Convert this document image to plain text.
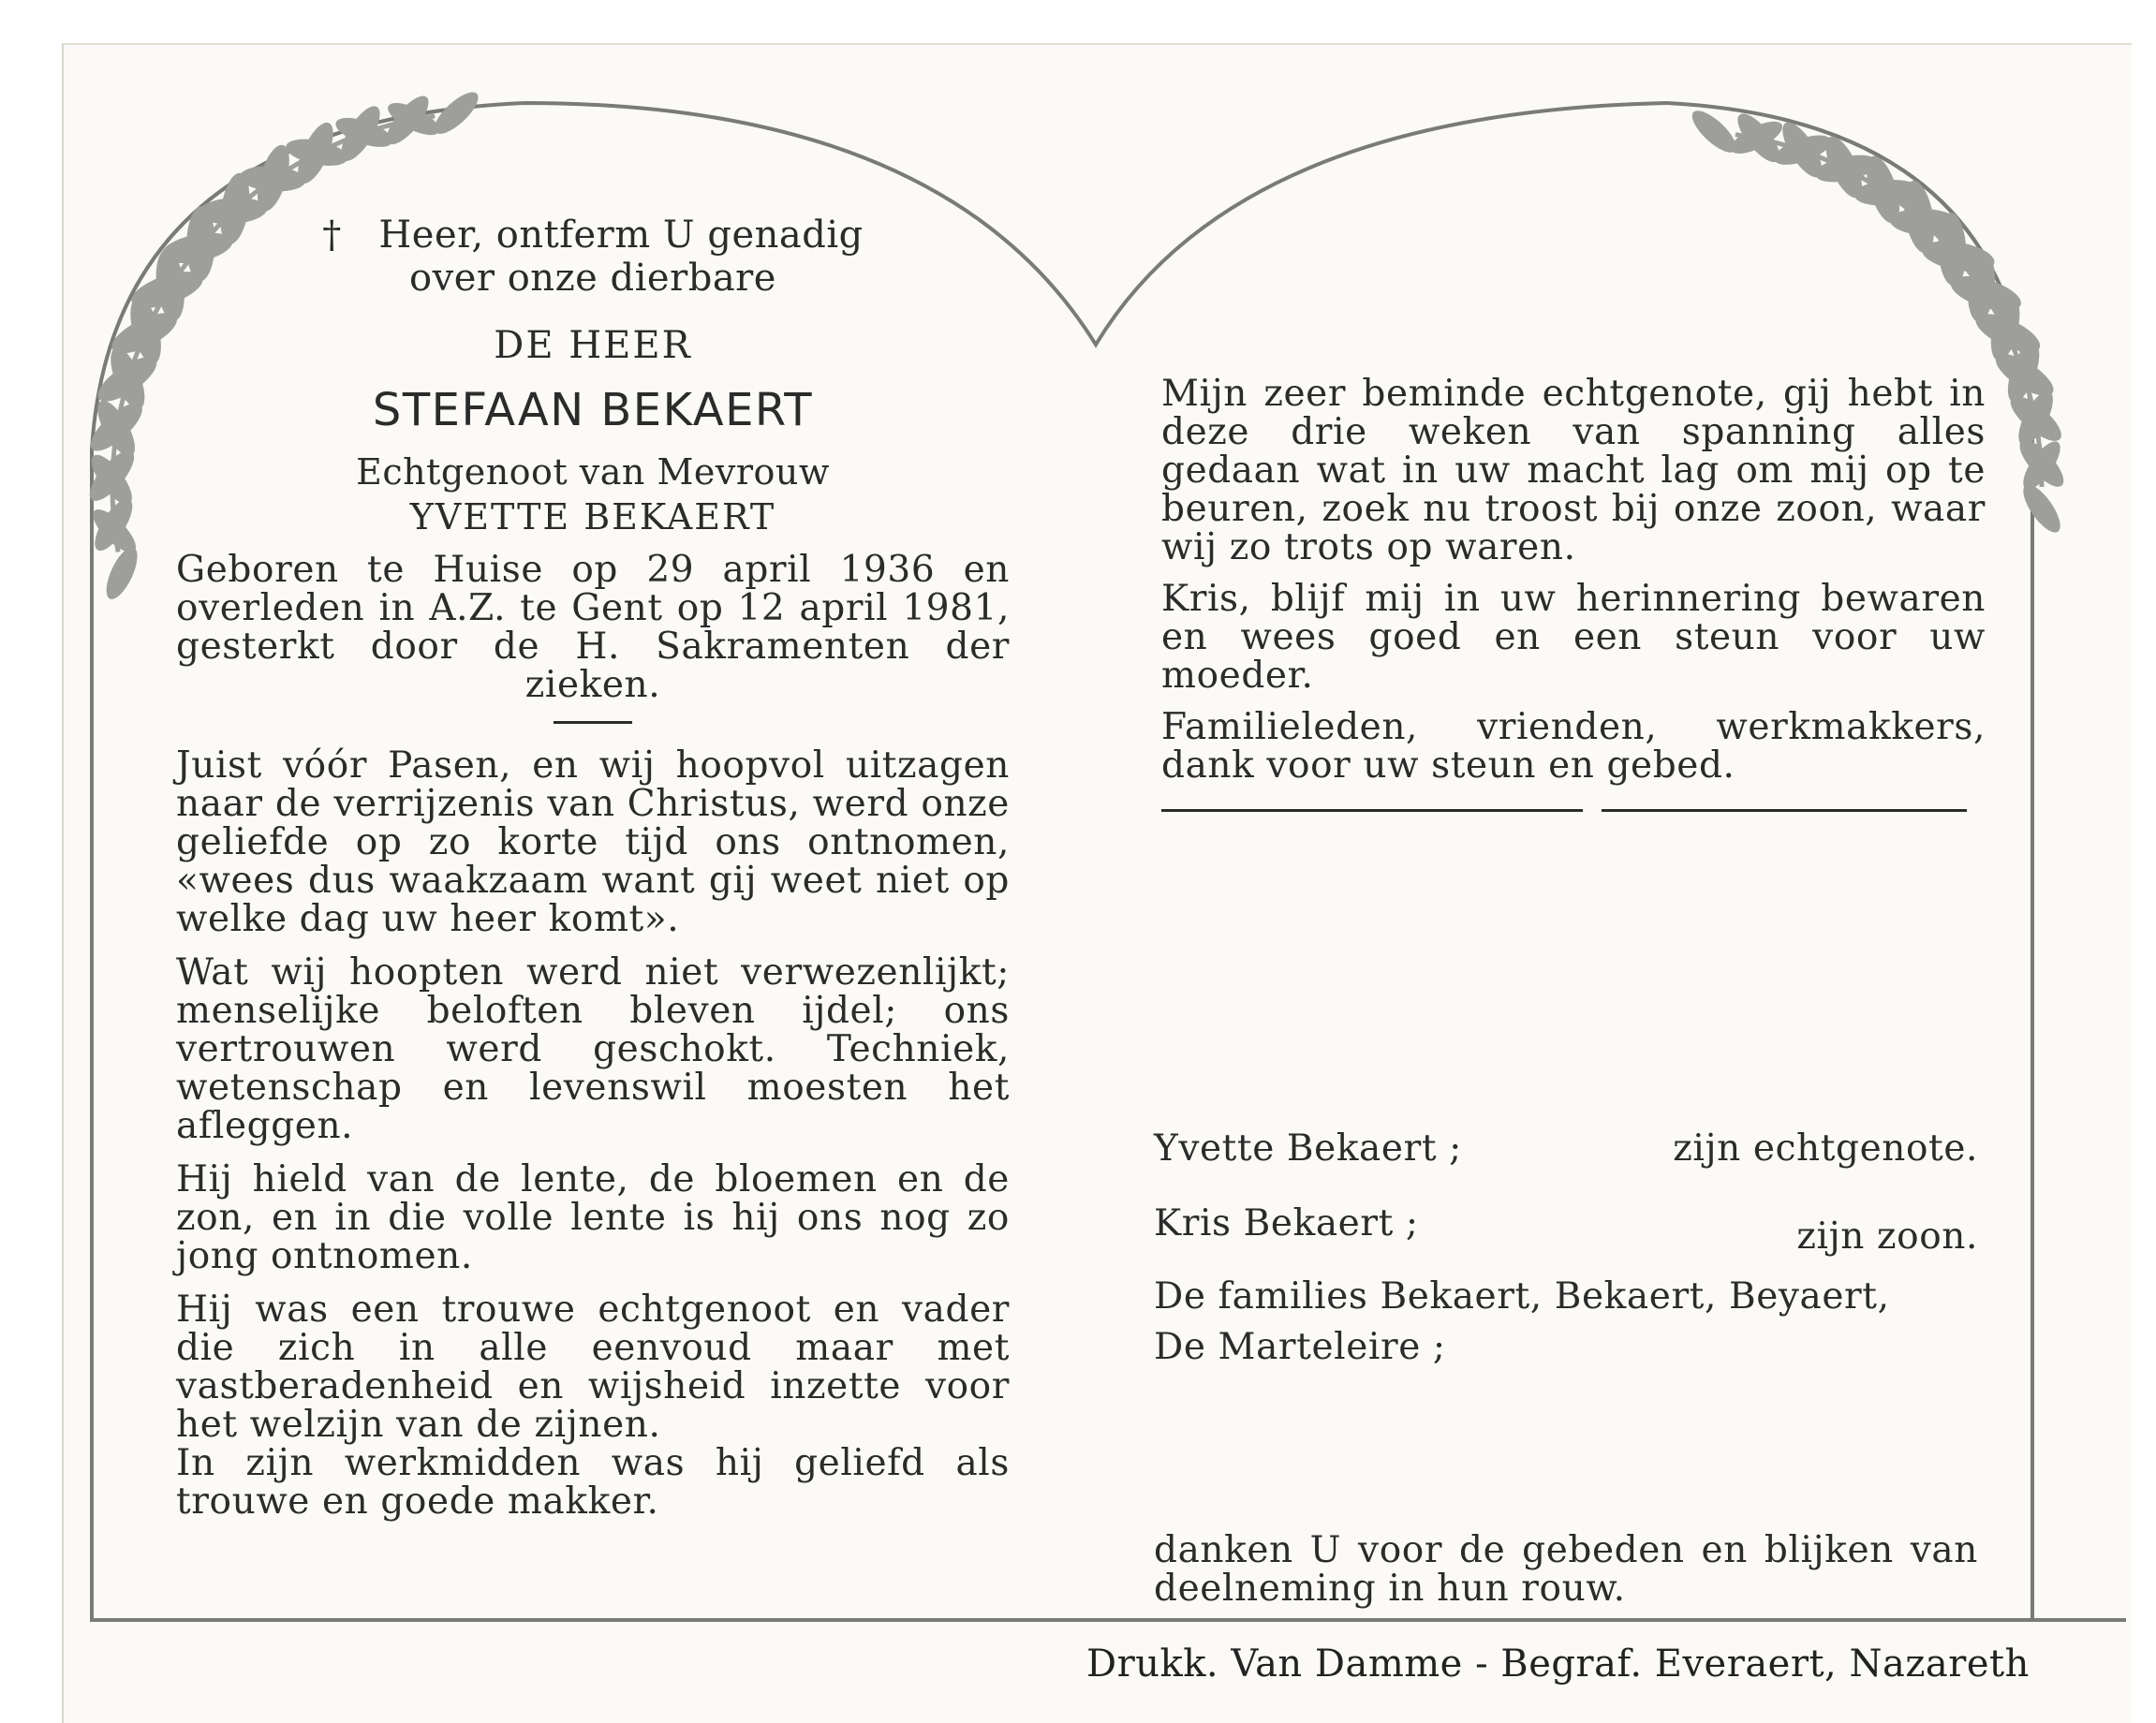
† Heer, ontferm U genadig
over onze dierbare
DE HEER
STEFAAN BEKAERT
Echtgenoot van Mevrouw
YVETTE BEKAERT

Geboren te Huise op 29 april 1936 en overleden in A.Z. te Gent op 12 april 1981, gesterkt door de H. Sakramenten der zieken.

Juist vóór Pasen, en wij hoopvol uitzagen naar de verrijzenis van Christus, werd onze geliefde op zo korte tijd ons ontnomen, «wees dus waakzaam want gij weet niet op welke dag uw heer komt».

Wat wij hoopten werd niet verwezenlijkt; menselijke beloften bleven ijdel; ons vertrouwen werd geschokt. Techniek, wetenschap en levenswil moesten het afleggen.

Hij hield van de lente, de bloemen en de zon, en in die volle lente is hij ons nog zo jong ontnomen.

Hij was een trouwe echtgenoot en vader die zich in alle eenvoud maar met vastberadenheid en wijsheid inzette voor het welzijn van de zijnen.

In zijn werkmidden was hij geliefd als trouwe en goede makker.

Mijn zeer beminde echtgenote, gij hebt in deze drie weken van spanning alles gedaan wat in uw macht lag om mij op te beuren, zoek nu troost bij onze zoon, waar wij zo trots op waren.

Kris, blijf mij in uw herinnering bewaren en wees goed en een steun voor uw moeder.

Familieleden, vrienden, werkmakkers, dank voor uw steun en gebed.

Yvette Bekaert ;	zijn echtgenote.
Kris Bekaert ;	zijn zoon.
De families Bekaert, Bekaert, Beyaert,
De Marteleire ;

danken U voor de gebeden en blijken van deelneming in hun rouw.

Drukk. Van Damme - Begraf. Everaert, Nazareth
